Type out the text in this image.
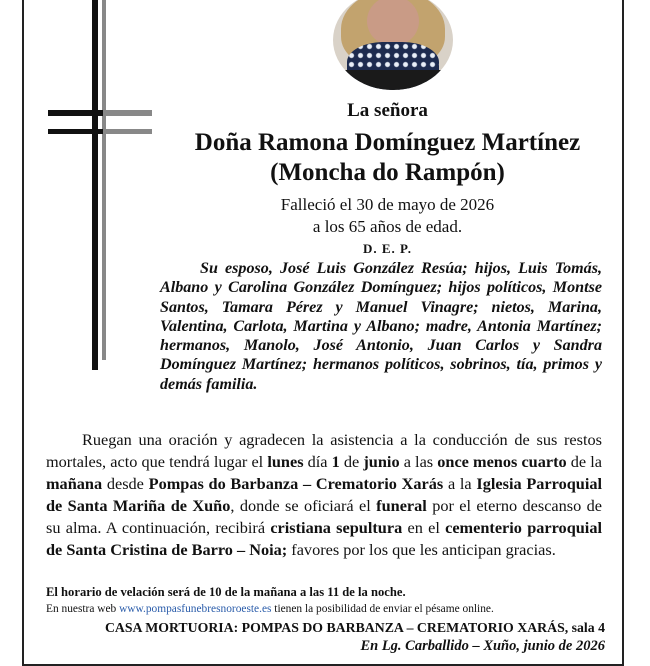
La señora

Doña Ramona Domínguez Martínez

(Moncha do Rampón)

Falleció el 30 de mayo de 2026

a los 65 años de edad.

D. E. P.

Su esposo, José Luis González Resúa; hijos, Luis Tomás, Albano y Carolina González Domínguez; hijos políticos, Montse Santos, Tamara Pérez y Manuel Vinagre; nietos, Marina, Valentina, Carlota, Martina y Albano; madre, Antonia Martínez; hermanos, Manolo, José Antonio, Juan Carlos y Sandra Domínguez Martínez; hermanos políticos, sobrinos, tía, primos y demás familia.

Ruegan una oración y agradecen la asistencia a la conducción de sus restos mortales, acto que tendrá lugar el lunes día 1 de junio a las once menos cuarto de la mañana desde Pompas do Barbanza – Crematorio Xarás a la Iglesia Parroquial de Santa Mariña de Xuño, donde se oficiará el funeral por el eterno descanso de su alma. A continuación, recibirá cristiana sepultura en el cementerio parroquial de Santa Cristina de Barro – Noia; favores por los que les anticipan gracias.

El horario de velación será de 10 de la mañana a las 11 de la noche.

En nuestra web www.pompasfunebresnoroeste.es tienen la posibilidad de enviar el pésame online.

CASA MORTUORIA: POMPAS DO BARBANZA – CREMATORIO XARÁS, sala 4

En Lg. Carballido – Xuño, junio de 2026
